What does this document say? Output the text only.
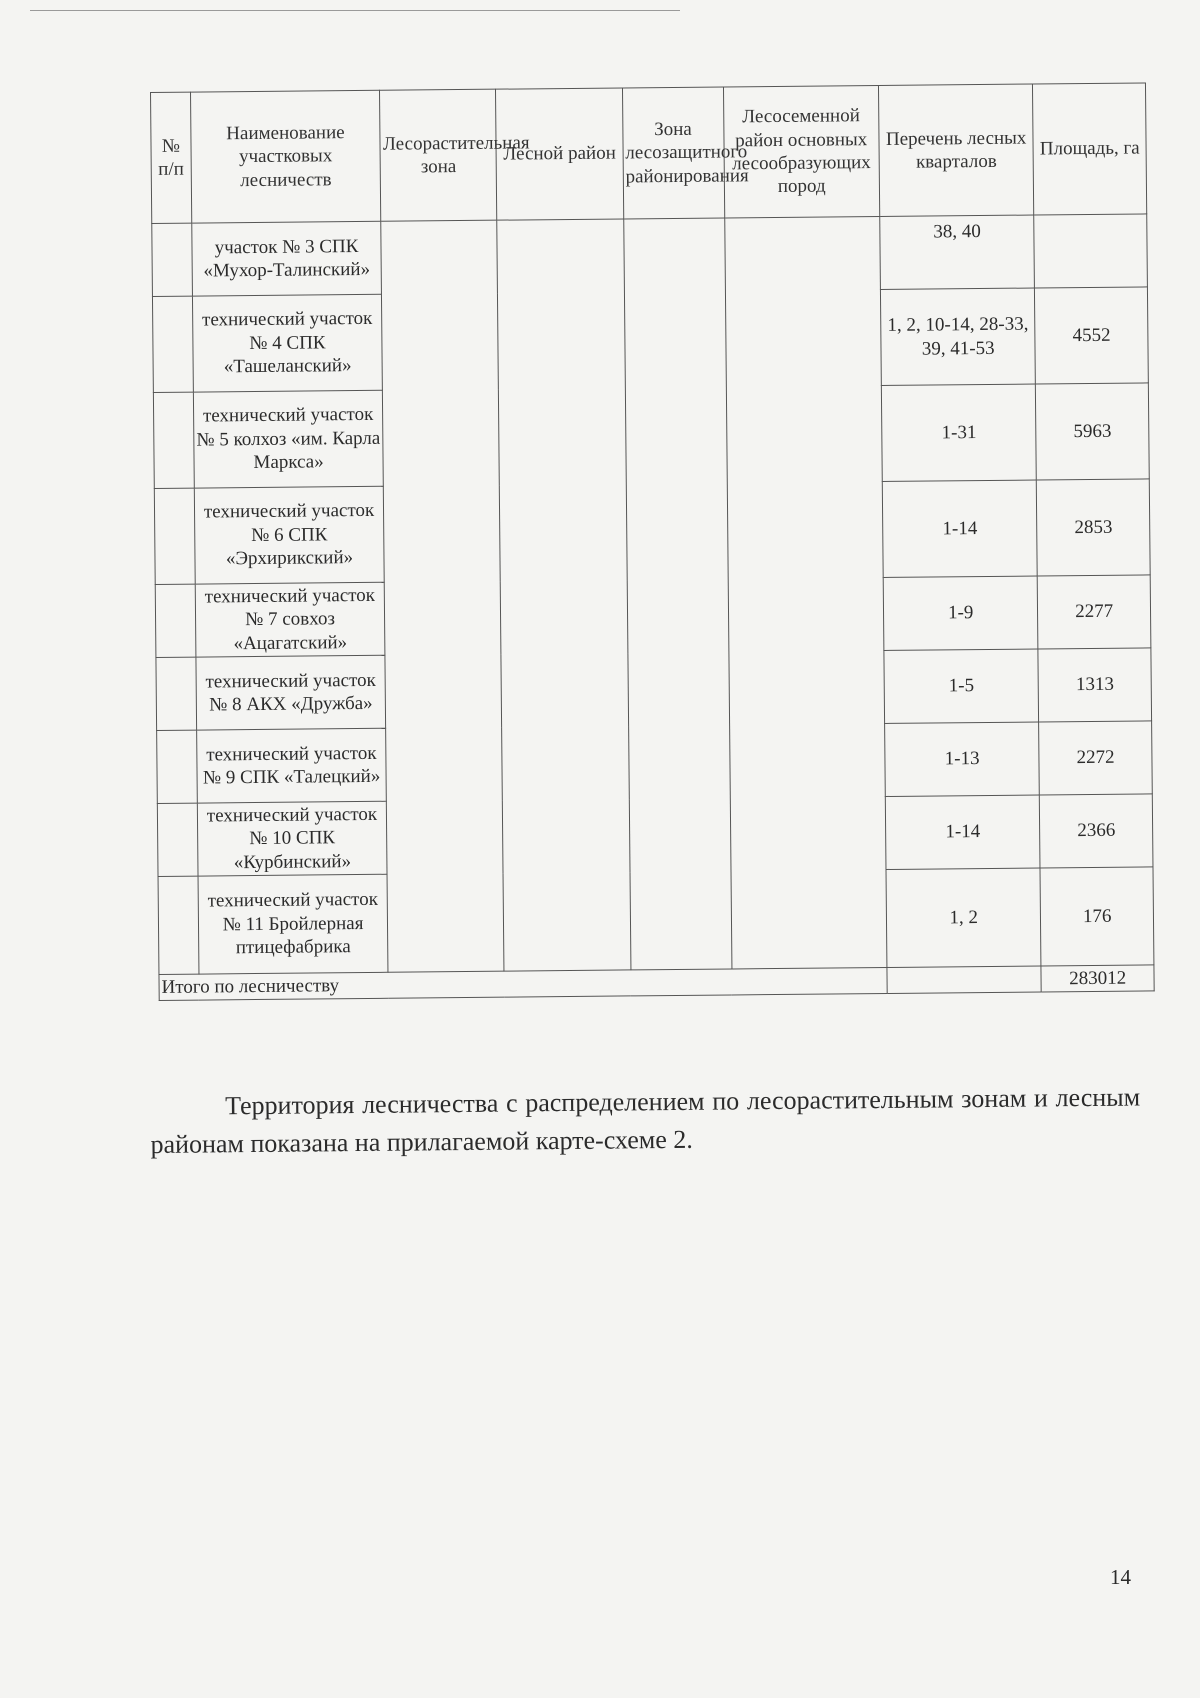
№ п/п	Наименование участковых лесничеств	Лесорастительная зона	Лесной район	Зона лесозащитного районирования	Лесосеменной район основных лесообразующих пород	Перечень лесных кварталов	Площадь, га
	участок № 3 СПК «Мухор-Талинский»					38, 40	
	технический участок № 4 СПК «Ташеланский»					1, 2, 10-14, 28-33, 39, 41-53	4552
	технический участок № 5 колхоз «им. Карла Маркса»					1-31	5963
	технический участок № 6 СПК «Эрхирикский»					1-14	2853
	технический участок № 7 совхоз «Ацагатский»					1-9	2277
	технический участок № 8 АКХ «Дружба»					1-5	1313
	технический участок № 9 СПК «Талецкий»					1-13	2272
	технический участок № 10 СПК «Курбинский»					1-14	2366
	технический участок № 11 Бройлерная птицефабрика					1, 2	176
Итого по лесничеству							283012
Территория лесничества с распределением по лесорастительным зонам и лесным районам показана на прилагаемой карте-схеме 2.
14
